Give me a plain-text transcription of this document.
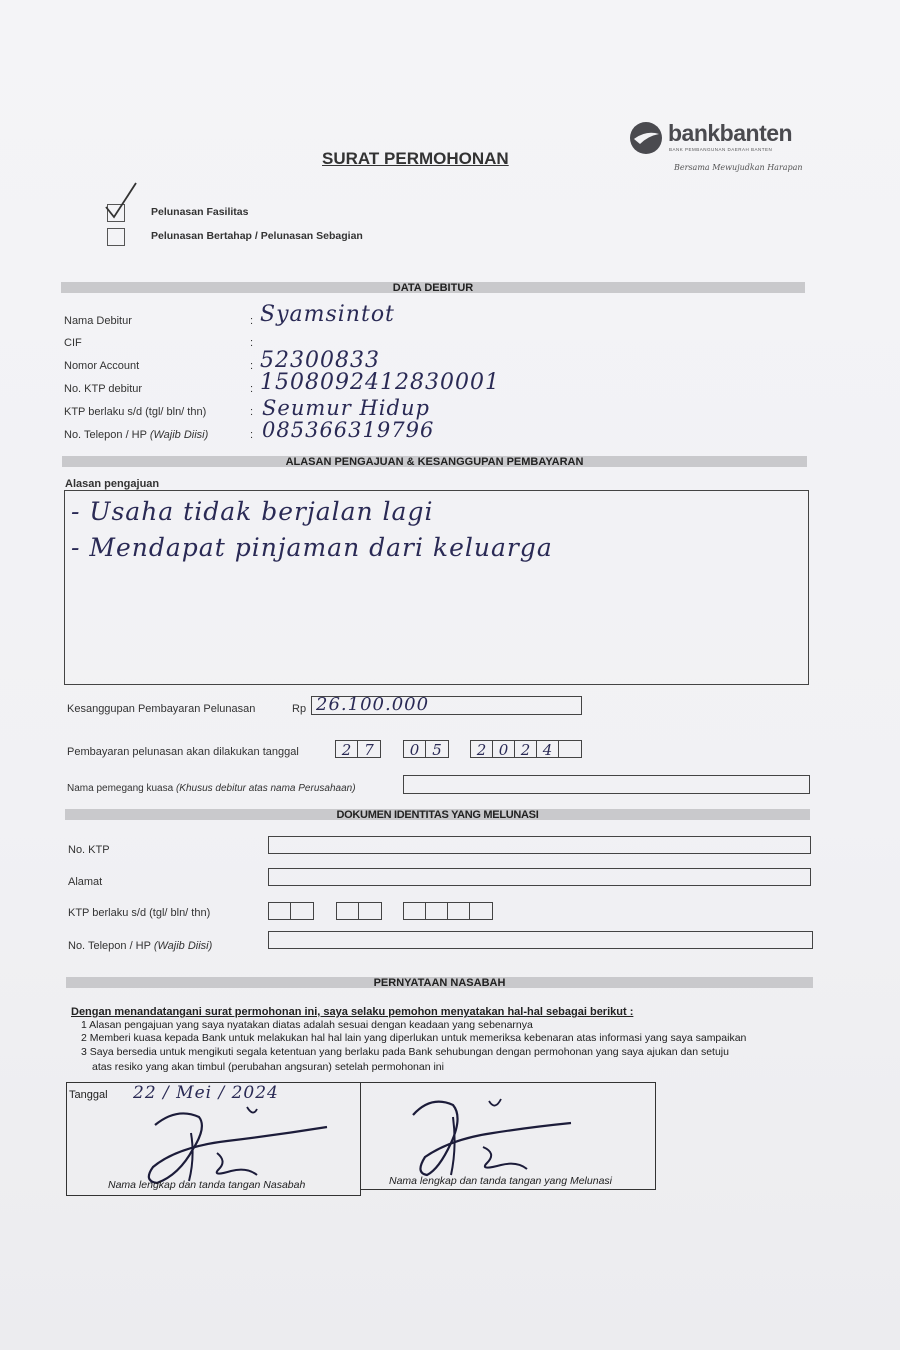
SURAT PERMOHONAN
bankbanten
BANK PEMBANGUNAN DAERAH BANTEN
Bersama Mewujudkan Harapan
Pelunasan Fasilitas
Pelunasan Bertahap / Pelunasan Sebagian
DATA DEBITUR
Nama Debitur	: Syamsintot
CIF	:
Nomor Account	: 52300833
No. KTP debitur	: 1508092412830001
KTP berlaku s/d (tgl/ bln/ thn)	: Seumur Hidup
No. Telepon / HP (Wajib Diisi)	: 085366319796
ALASAN PENGAJUAN & KESANGGUPAN PEMBAYARAN
Alasan pengajuan
- Usaha tidak berjalan lagi
- Mendapat pinjaman dari keluarga
Kesanggupan Pembayaran Pelunasan	Rp 26.100.000
Pembayaran pelunasan akan dilakukan tanggal	2 7	0 5	2 0 2 4
Nama pemegang kuasa (Khusus debitur atas nama Perusahaan)
DOKUMEN IDENTITAS YANG MELUNASI
No. KTP
Alamat
KTP berlaku s/d (tgl/ bln/ thn)
No. Telepon / HP (Wajib Diisi)
PERNYATAAN NASABAH
Dengan menandatangani surat permohonan ini, saya selaku pemohon menyatakan hal-hal sebagai berikut :
1 Alasan pengajuan yang saya nyatakan diatas adalah sesuai dengan keadaan yang sebenarnya
2 Memberi kuasa kepada Bank untuk melakukan hal hal lain yang diperlukan untuk memeriksa kebenaran atas informasi yang saya sampaikan
3 Saya bersedia untuk mengikuti segala ketentuan yang berlaku pada Bank sehubungan dengan permohonan yang saya ajukan dan setuju
atas resiko yang akan timbul (perubahan angsuran) setelah permohonan ini
Tanggal 22 / Mei / 2024
Nama lengkap dan tanda tangan Nasabah	Nama lengkap dan tanda tangan yang Melunasi
